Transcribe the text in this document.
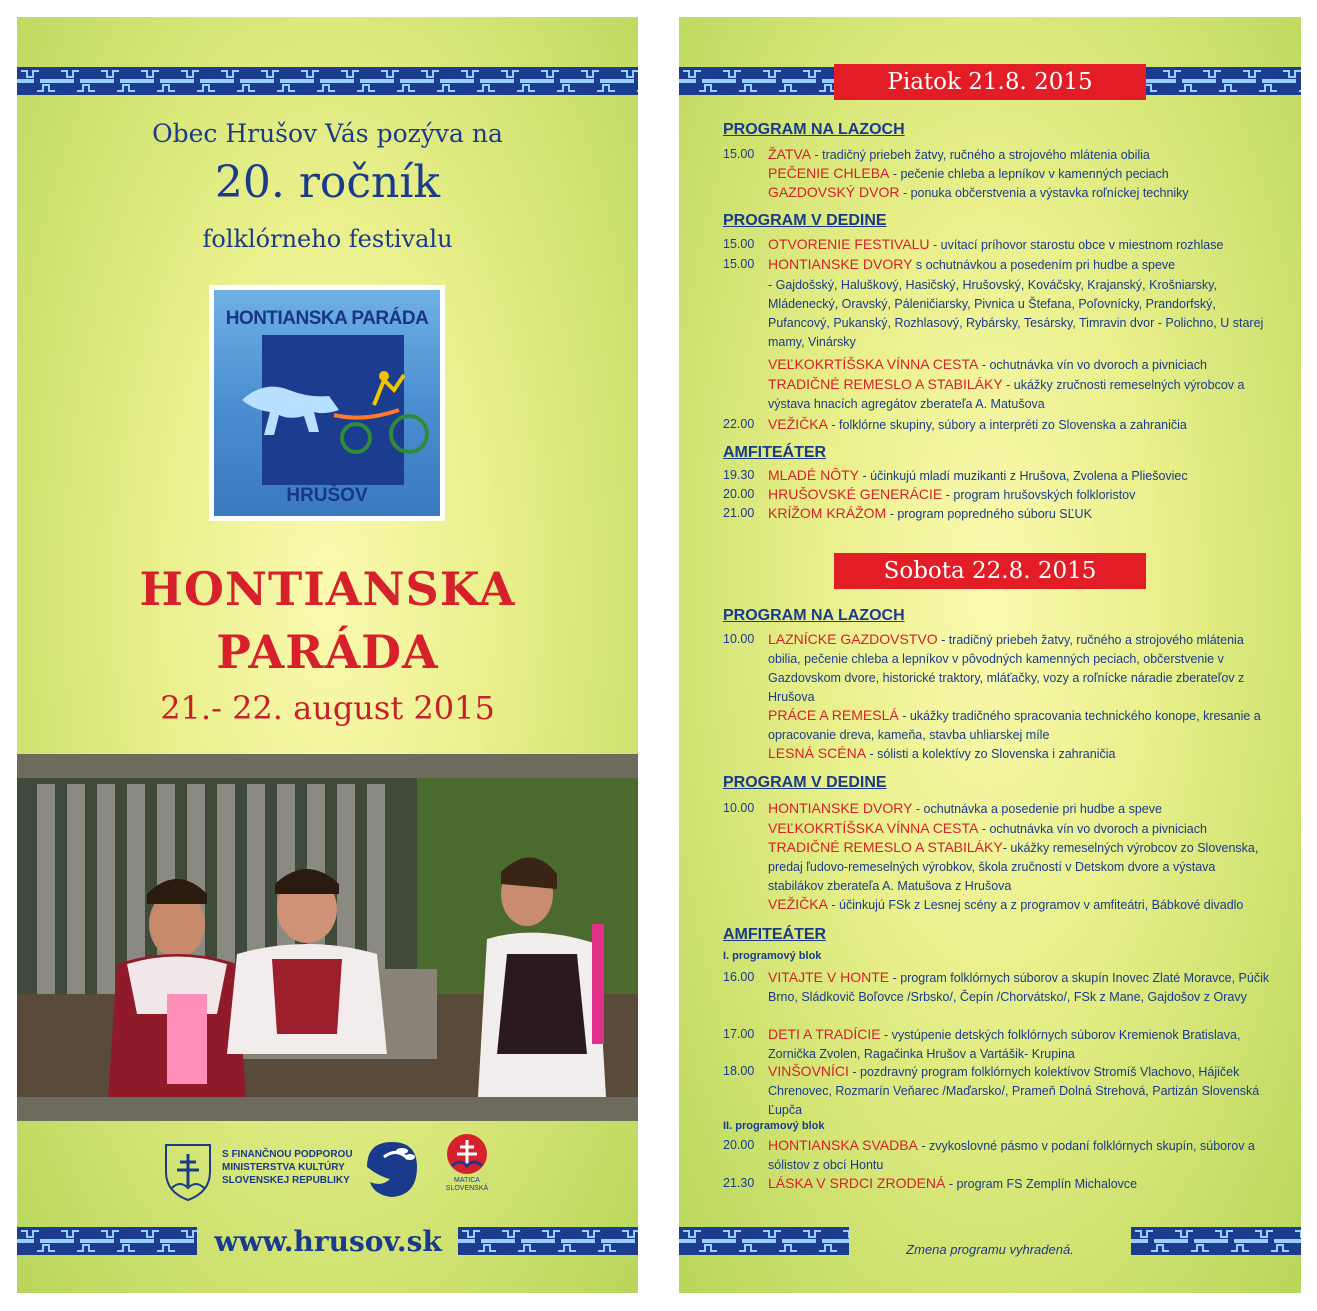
Obec Hrušov Vás pozýva na
20. ročník
folklórneho festivalu
HONTIANSKA PARÁDA
HRUŠOV
HONTIANSKA
PARÁDA
21.- 22. august 2015
S FINANČNOU PODPOROU
MINISTERSTVA KULTÚRY
SLOVENSKEJ REPUBLIKY	MATICA
SLOVENSKÁ
www.hrusov.sk
Piatok 21.8. 2015
PROGRAM NA LAZOCH
PROGRAM V DEDINE
AMFITEÁTER
Sobota 22.8. 2015
PROGRAM NA LAZOCH
PROGRAM V DEDINE
AMFITEÁTER
I. programový blok
II. programový blok
15.00 ŽATVA - tradičný priebeh žatvy, ručného a strojového mlátenia obilia
PEČENIE CHLEBA - pečenie chleba a lepníkov v kamenných peciach
GAZDOVSKÝ DVOR - ponuka občerstvenia a výstavka roľníckej techniky
15.00 OTVORENIE FESTIVALU - uvítací príhovor starostu obce v miestnom rozhlase
15.00 HONTIANSKE DVORY s ochutnávkou a posedením pri hudbe a speve
- Gajdošský, Haluškový, Hasičský, Hrušovský, Kováčsky, Krajanský, Krošniarsky, Mládenecký, Oravský, Páleničiarsky, Pivnica u Štefana, Poľovnícky, Prandorfský, Pufancový, Pukanský, Rozhlasový, Rybársky, Tesársky, Timravin dvor - Polichno, U starej mamy, Vinársky
VEĽKOKRTÍŠSKA VÍNNA CESTA - ochutnávka vín vo dvoroch a pivniciach
TRADIČNÉ REMESLO A STABILÁKY - ukážky zručnosti remeselných výrobcov a výstava hnacích agregátov zberateľa A. Matušova
22.00 VEŽIČKA - folklórne skupiny, súbory a interpréti zo Slovenska a zahraničia
19.30 MLADÉ NÔTY - účinkujú mladí muzikanti z Hrušova, Zvolena a Pliešoviec
20.00 HRUŠOVSKÉ GENERÁCIE - program hrušovských folkloristov
21.00 KRÍŽOM KRÁŽOM - program popredného súboru SĽUK
10.00 LAZNÍCKE GAZDOVSTVO - tradičný priebeh žatvy, ručného a strojového mlátenia obilia, pečenie chleba a lepníkov v pôvodných kamenných peciach, občerstvenie v Gazdovskom dvore, historické traktory, mláťačky, vozy a roľnícke náradie zberateľov z Hrušova
PRÁCE A REMESLÁ - ukážky tradičného spracovania technického konope, kresanie a opracovanie dreva, kameňa, stavba uhliarskej míle
LESNÁ SCÉNA - sólisti a kolektívy zo Slovenska i zahraničia
10.00 HONTIANSKE DVORY - ochutnávka a posedenie pri hudbe a speve
VEĽKOKRTÍŠSKA VÍNNA CESTA - ochutnávka vín vo dvoroch a pivniciach
TRADIČNÉ REMESLO A STABILÁKY- ukážky remeselných výrobcov zo Slovenska, predaj ľudovo-remeselných výrobkov, škola zručností v Detskom dvore a výstava stabilákov zberateľa A. Matušova z Hrušova
VEŽIČKA - účinkujú FSk z Lesnej scény a z programov v amfiteátri, Bábkové divadlo
16.00 VITAJTE V HONTE - program folklórnych súborov a skupín Inovec Zlaté Moravce, Púčik Brno, Sládkovič Boľovce /Srbsko/, Čepín /Chorvátsko/, FSk z Mane, Gajdošov z Oravy
17.00 DETI A TRADÍCIE - vystúpenie detských folklórnych súborov Kremienok Bratislava, Zornička Zvolen, Ragačinka Hrušov a Vartášik- Krupina
18.00 VINŠOVNÍCI - pozdravný program folklórnych kolektívov Stromíš Vlachovo, Hájiček Chrenovec, Rozmarín Veňarec /Maďarsko/, Prameň Dolná Strehová, Partizán Slovenská Ľupča
20.00 HONTIANSKA SVADBA - zvykoslovné pásmo v podaní folklórnych skupín, súborov a sólistov z obcí Hontu
21.30 LÁSKA V SRDCI ZRODENÁ - program FS Zemplín Michalovce
Zmena programu vyhradená.
